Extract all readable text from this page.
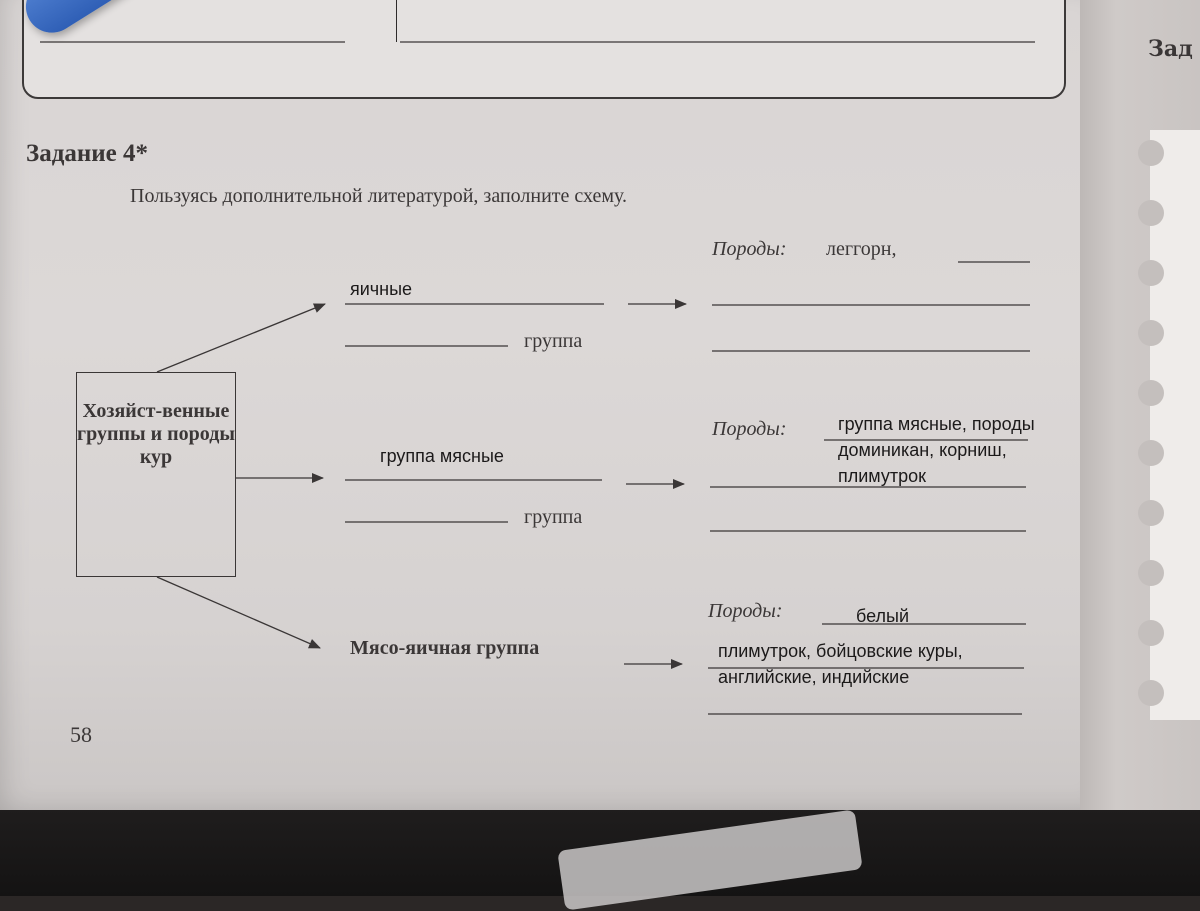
Зад
Задание 4*
Пользуясь дополнительной литературой, заполните схему.
Хозяйст-венные группы и породы кур
яичные
группа
Породы: леггорн,
группа мясные
группа
Породы:	группа мясные, породы доминикан, корниш, плимутрок
Мясо-яичная группа
Породы:	белый
плимутрок, бойцовские куры, английские, индийские
58
